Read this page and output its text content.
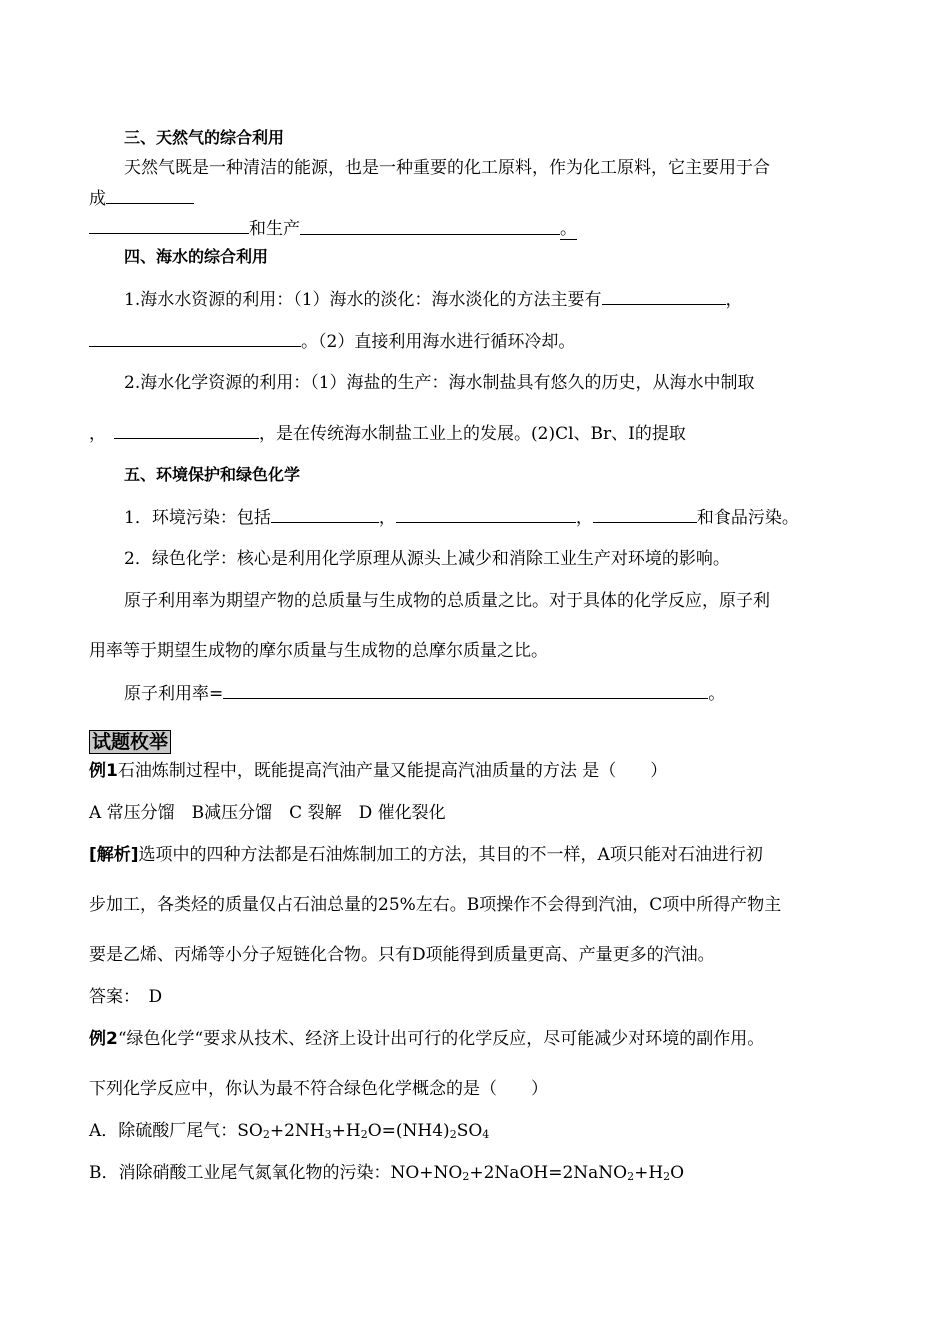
三、天然气的综合利用
天然气既是一种清洁的能源，也是一种重要的化工原料，作为化工原料，它主要用于合
成
和生产	。
四、海水的综合利用
1.海水水资源的利用：（1）海水的淡化：海水淡化的方法主要有	，
。（2）直接利用海水进行循环冷却。
2.海水化学资源的利用：（1）海盐的生产：海水制盐具有悠久的历史，从海水中制取
，	，是在传统海水制盐工业上的发展。(2)Cl、Br、I的提取
五、环境保护和绿色化学
1．环境污染：包括	，	，	和食品污染。
2．绿色化学：核心是利用化学原理从源头上减少和消除工业生产对环境的影响。
原子利用率为期望产物的总质量与生成物的总质量之比。对于具体的化学反应，原子利
用率等于期望生成物的摩尔质量与生成物的总摩尔质量之比。
原子利用率=	。
试题枚举
例1石油炼制过程中，既能提高汽油产量又能提高汽油质量的方法 是（　　）
A 常压分馏　B减压分馏　C 裂解　D 催化裂化
[解析]选项中的四种方法都是石油炼制加工的方法，其目的不一样，A项只能对石油进行初
步加工，各类烃的质量仅占石油总量的25%左右。B项操作不会得到汽油，C项中所得产物主
要是乙烯、丙烯等小分子短链化合物。只有D项能得到质量更高、产量更多的汽油。
答案：　D
例2“绿色化学“要求从技术、经济上设计出可行的化学反应，尽可能减少对环境的副作用。
下列化学反应中，你认为最不符合绿色化学概念的是（　　）
A．除硫酸厂尾气：$SO_2+2NH_3+H_2O=(NH4)_2SO_4$
B．消除硝酸工业尾气氮氧化物的污染：$NO+NO_2+2NaOH=2NaNO_2+H_2O$
